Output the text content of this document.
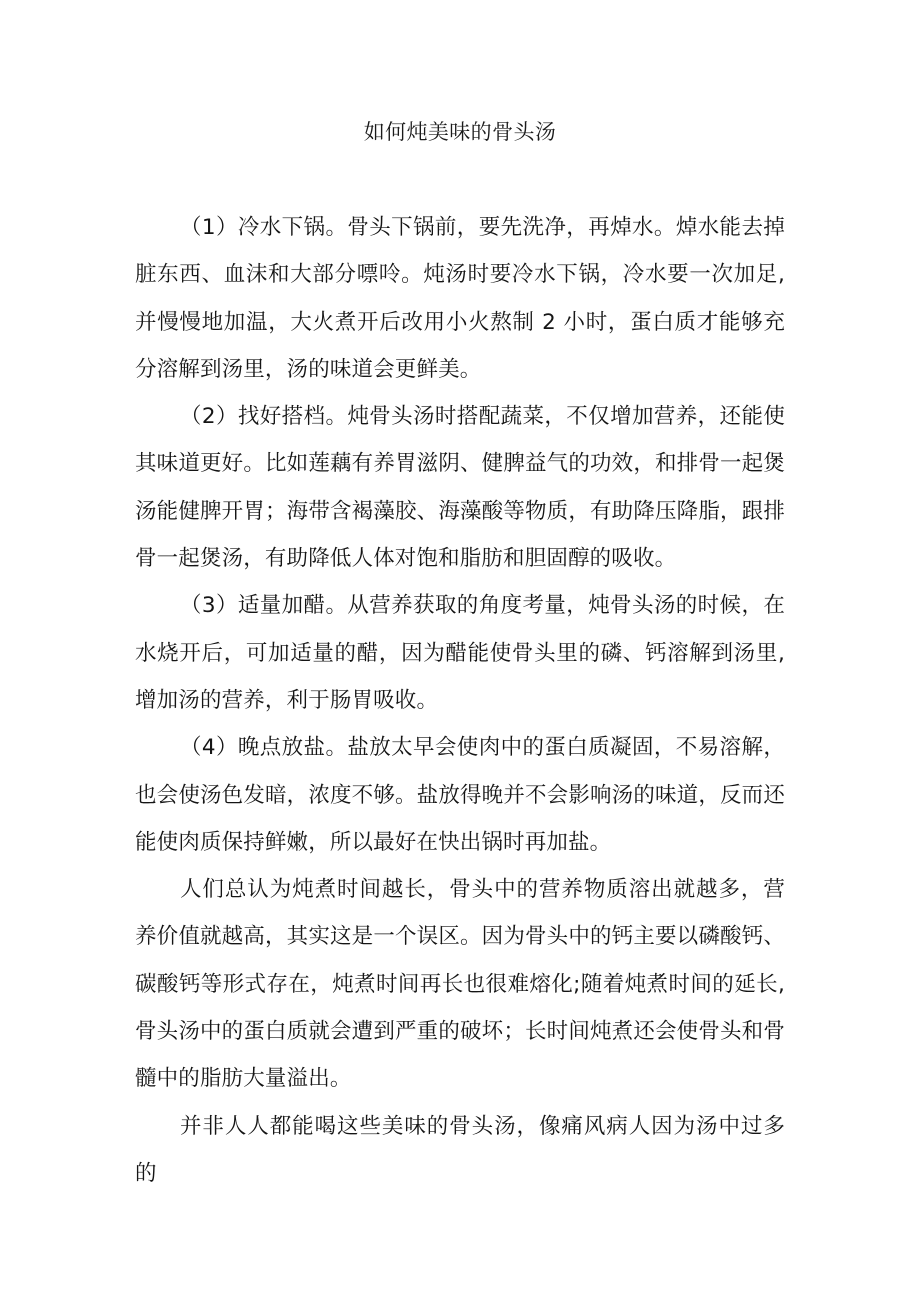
如何炖美味的骨头汤

（1）冷水下锅。骨头下锅前，要先洗净，再焯水。焯水能去掉脏东西、血沫和大部分嘌呤。炖汤时要冷水下锅，冷水要一次加足,并慢慢地加温，大火煮开后改用小火熬制 2 小时，蛋白质才能够充分溶解到汤里，汤的味道会更鲜美。

（2）找好搭档。炖骨头汤时搭配蔬菜，不仅增加营养，还能使其味道更好。比如莲藕有养胃滋阴、健脾益气的功效，和排骨一起煲汤能健脾开胃；海带含褐藻胶、海藻酸等物质，有助降压降脂，跟排骨一起煲汤，有助降低人体对饱和脂肪和胆固醇的吸收。

（3）适量加醋。从营养获取的角度考量，炖骨头汤的时候，在水烧开后，可加适量的醋，因为醋能使骨头里的磷、钙溶解到汤里,增加汤的营养，利于肠胃吸收。

（4）晚点放盐。盐放太早会使肉中的蛋白质凝固，不易溶解，也会使汤色发暗，浓度不够。盐放得晚并不会影响汤的味道，反而还能使肉质保持鲜嫩，所以最好在快出锅时再加盐。

人们总认为炖煮时间越长，骨头中的营养物质溶出就越多，营养价值就越高，其实这是一个误区。因为骨头中的钙主要以磷酸钙、碳酸钙等形式存在，炖煮时间再长也很难熔化;随着炖煮时间的延长,骨头汤中的蛋白质就会遭到严重的破坏；长时间炖煮还会使骨头和骨髓中的脂肪大量溢出。

并非人人都能喝这些美味的骨头汤，像痛风病人因为汤中过多的
